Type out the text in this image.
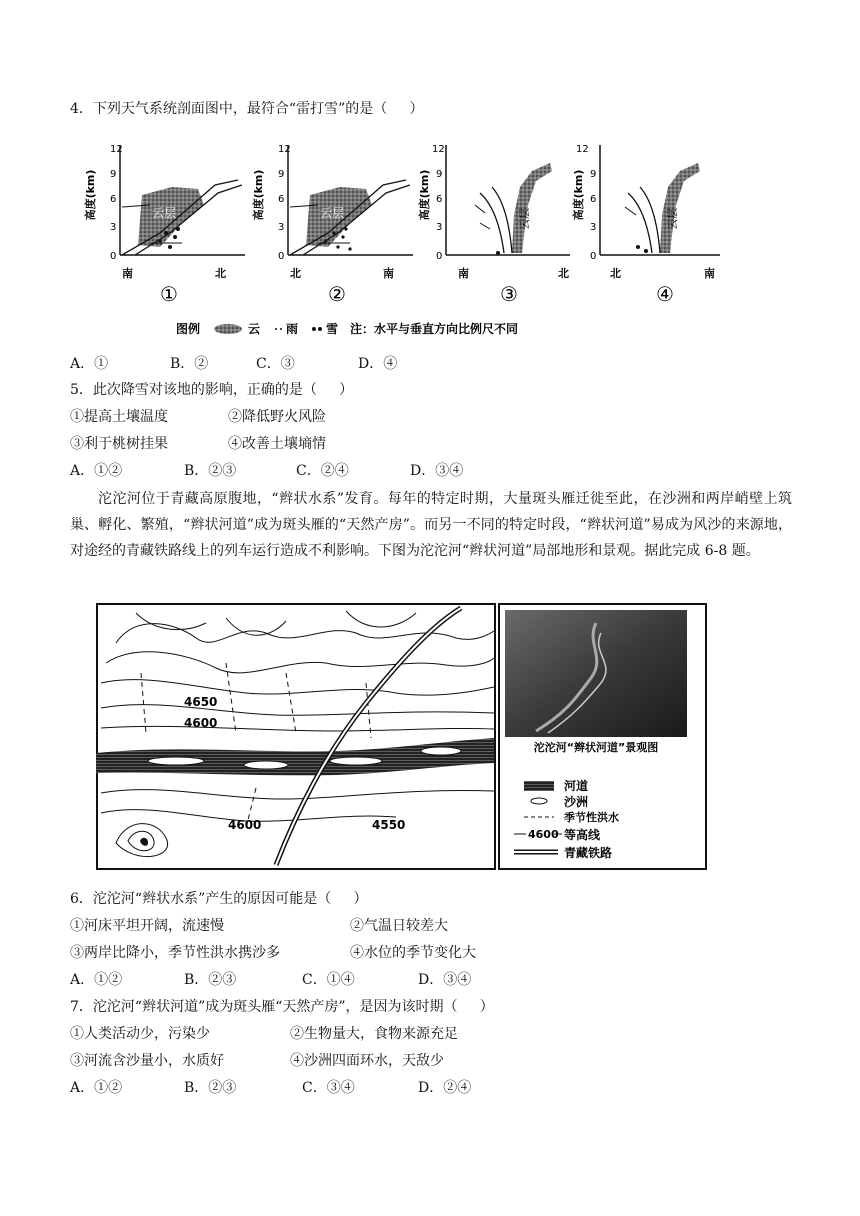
4．下列天气系统剖面图中，最符合“雷打雪”的是（     ）
高度(km)
12
9
6
3
0
云层
南	北
①
高度(km)
12
9
6
3
0
云层
北	南
②
高度(km)
12
9
6
3
0
云层
南	北
③
高度(km)
12
9
6
3
0
云层
北	南
④
图例	云 雨 雪 注：水平与垂直方向比例尺不同
A．①	B．②	C．③	D．④
5．此次降雪对该地的影响，正确的是（     ）
①提高土壤温度	②降低野火风险
③利于桃树挂果	④改善土壤墒情
A．①②	B．②③	C．②④	D．③④
沱沱河位于青藏高原腹地，“辫状水系”发育。每年的特定时期，大量斑头雁迁徙至此，在沙洲和两岸峭壁上筑巢、孵化、繁殖，“辫状河道”成为斑头雁的“天然产房”。而另一不同的特定时段，“辫状河道”易成为风沙的来源地，对途经的青藏铁路线上的列车运行造成不利影响。下图为沱沱河“辫状河道”局部地形和景观。据此完成 6-8 题。
4650
4600
4600	4550
沱沱河“辫状河道”景观图
河道
沙洲
季节性洪水
4600 等高线
青藏铁路
6．沱沱河“辫状水系”产生的原因可能是（     ）
①河床平坦开阔，流速慢	②气温日较差大
③两岸比降小，季节性洪水携沙多	④水位的季节变化大
A．①②	B．②③	C．①④	D．③④
7．沱沱河“辫状河道”成为斑头雁“天然产房”，是因为该时期（     ）
①人类活动少，污染少	②生物量大，食物来源充足
③河流含沙量小，水质好	④沙洲四面环水，天敌少
A．①②	B．②③	C．③④	D．②④
